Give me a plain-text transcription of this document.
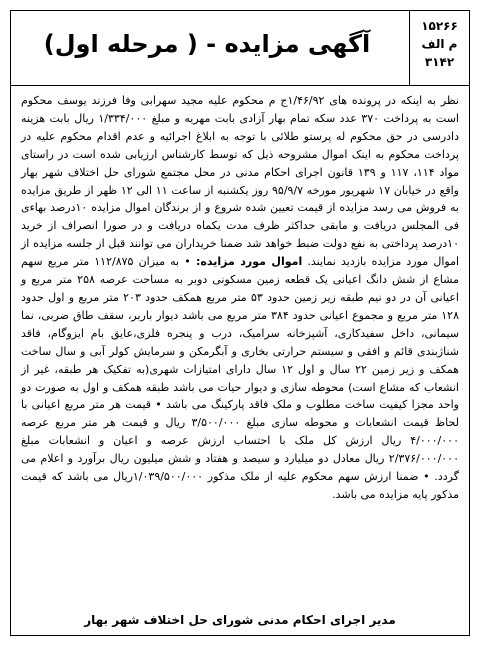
آگهی مزایده - ( مرحله اول)
۱۵۲۶۶
م الف
۳۱۴۲

نظر به اینکه در پرونده های ۱/۴۶/۹۲ج م محکوم علیه مجید سهرابی وفا فرزند یوسف محکوم است به پرداخت ۳۷۰ عدد سکه تمام بهار آزادی بابت مهریه و مبلغ ۱/۳۳۴/۰۰۰ ریال بابت هزینه دادرسی در حق محکوم له پرستو طلائی با توجه به ابلاغ اجرائیه و عدم اقدام محکوم علیه در پرداخت محکوم به اینک اموال مشروحه ذیل که توسط کارشناس ارزیابی شده است در راستای مواد ۱۱۴، ۱۱۷ و ۱۳۹ قانون اجرای احکام مدنی در محل مجتمع شورای حل اختلاف شهر بهار واقع در خیابان ۱۷ شهریور مورخه ۹۵/۹/۷ روز یکشنبه از ساعت ۱۱ الی ۱۲ ظهر از طریق مزایده به فروش می رسد مزایده از قیمت تعیین شده شروع و از برندگان اموال مزایده ۱۰درصد بها‌ء‌ی فی المجلس دریافت و مابقی حداکثر ظرف مدت یکماه دریافت و در صورا انصراف از خرید ۱۰درصد پرداختی به نفع دولت ضبط خواهد شد ضمنا خریداران می توانند قبل از جلسه مزایده از اموال مورد مزایده بازدید نمایند. اموال مورد مزایده: • به میزان ۱۱۲/۸۷۵ متر مربع سهم مشاع از شش دانگ اعیانی یک قطعه زمین مسکونی دوبر به مساحت عرصه ۲۵۸ متر مربع و اعیانی آن در دو نیم طبقه زیر زمین حدود ۵۳ متر مربع همکف حدود ۲۰۳ متر مربع و اول حدود ۱۲۸ متر مربع و مجموع اعیانی حدود ۳۸۴ متر مربع می باشد دیوار باربر، سقف طاق ضربی، نما سیمانی، داخل سفیدکاری، آشپزخانه سرامیک، درب و پنجره فلزی،عایق بام ایزوگام، فاقد شناژبندی قائم و افقی و سیستم حرارتی بخاری و آبگرمکن و سرمایش کولر آبی و سال ساخت همکف و زیر زمین ۲۲ سال و اول ۱۲ سال دارای امتیازات شهری(به تفکیک هر طبقه، غیر از انشعاب که مشاع است) محوطه سازی و دیوار حیات می باشد طبقه همکف و اول به صورت دو واحد مجزا کیفیت ساخت مطلوب و ملک فاقد پارکینگ می باشد • قیمت هر متر مربع اعیانی با لحاظ قیمت انشعابات و محوطه سازی مبلغ ۳/۵۰۰/۰۰۰ ریال و قیمت هر متر مربع عرصه ۴/۰۰۰/۰۰۰ ریال ارزش کل ملک با احتساب ارزش عرصه و اعیان و انشعابات مبلغ ۲/۳۷۶/۰۰۰/۰۰۰ ریال معادل دو میلیارد و سیصد و هفتاد و شش میلیون ریال برآورد و اعلام می گردد. • ضمنا ارزش سهم محکوم علیه از ملک مذکور ۱/۰۳۹/۵۰۰/۰۰۰ریال می باشد که قیمت مذکور پایه مزایده می باشد.

مدیر اجرای احکام مدنی شورای حل اختلاف شهر بهار
